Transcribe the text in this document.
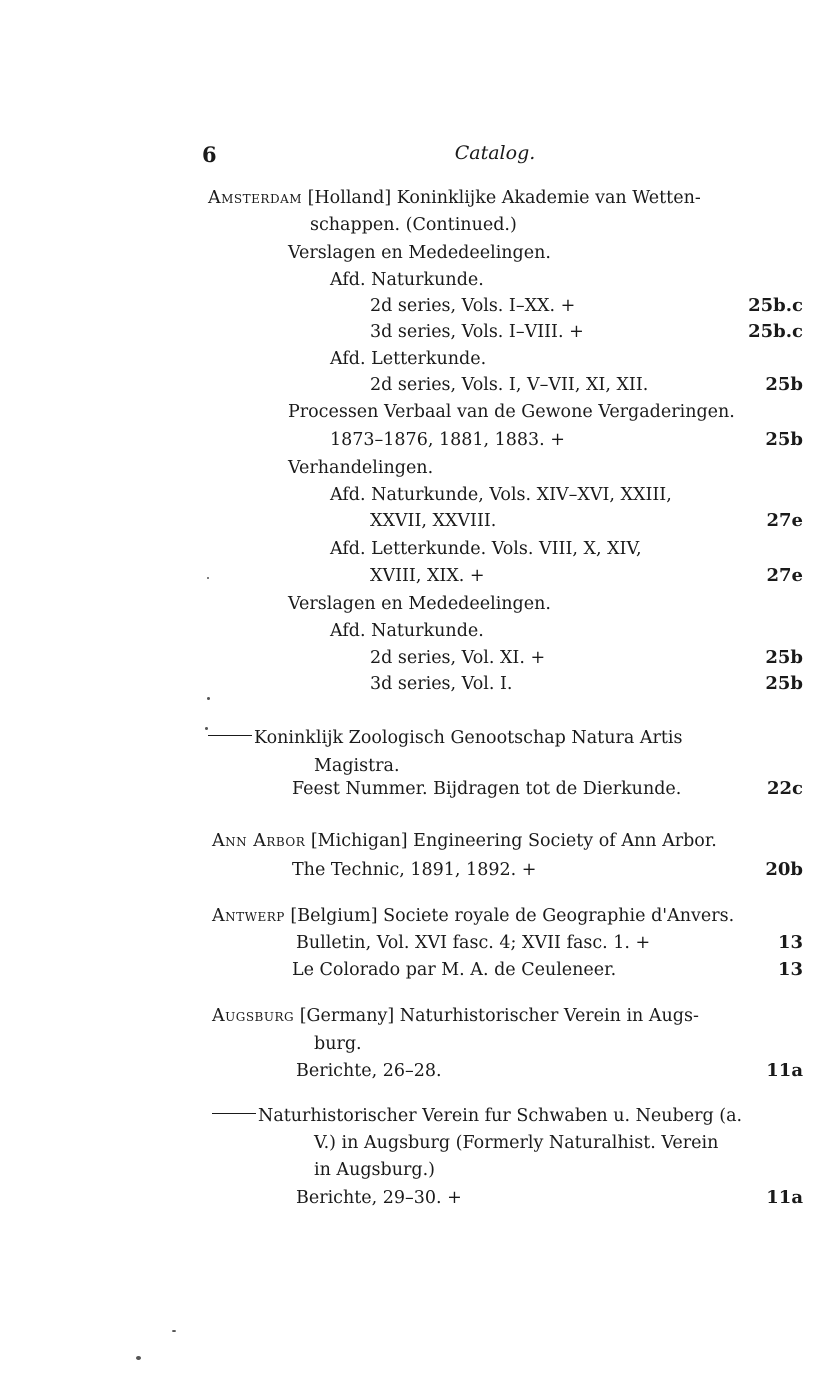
6	Catalog.
Amsterdam [Holland] Koninklijke Akademie van Wetten-
schappen. (Continued.)
Verslagen en Mededeelingen.
Afd. Naturkunde.
2d series, Vols. I–XX. +	25b.c
3d series, Vols. I–VIII. +	25b.c
Afd. Letterkunde.
2d series, Vols. I, V–VII, XI, XII.	25b
Processen Verbaal van de Gewone Vergaderingen.
1873–1876, 1881, 1883. +	25b
Verhandelingen.
Afd. Naturkunde, Vols. XIV–XVI, XXIII,
XXVII, XXVIII.	27e
Afd. Letterkunde. Vols. VIII, X, XIV,
XVIII, XIX. +	27e
Verslagen en Mededeelingen.
Afd. Naturkunde.
2d series, Vol. XI. +	25b
3d series, Vol. I.	25b
Koninklijk Zoologisch Genootschap Natura Artis
Magistra.
Feest Nummer. Bijdragen tot de Dierkunde.	22c
Ann Arbor [Michigan] Engineering Society of Ann Arbor.
The Technic, 1891, 1892. +	20b
Antwerp [Belgium] Societe royale de Geographie d'Anvers.
Bulletin, Vol. XVI fasc. 4; XVII fasc. 1. +	13
Le Colorado par M. A. de Ceuleneer.	13
Augsburg [Germany] Naturhistorischer Verein in Augs-
burg.
Berichte, 26–28.	11a
Naturhistorischer Verein fur Schwaben u. Neuberg (a.
V.) in Augsburg (Formerly Naturalhist. Verein
in Augsburg.)
Berichte, 29–30. +	11a
